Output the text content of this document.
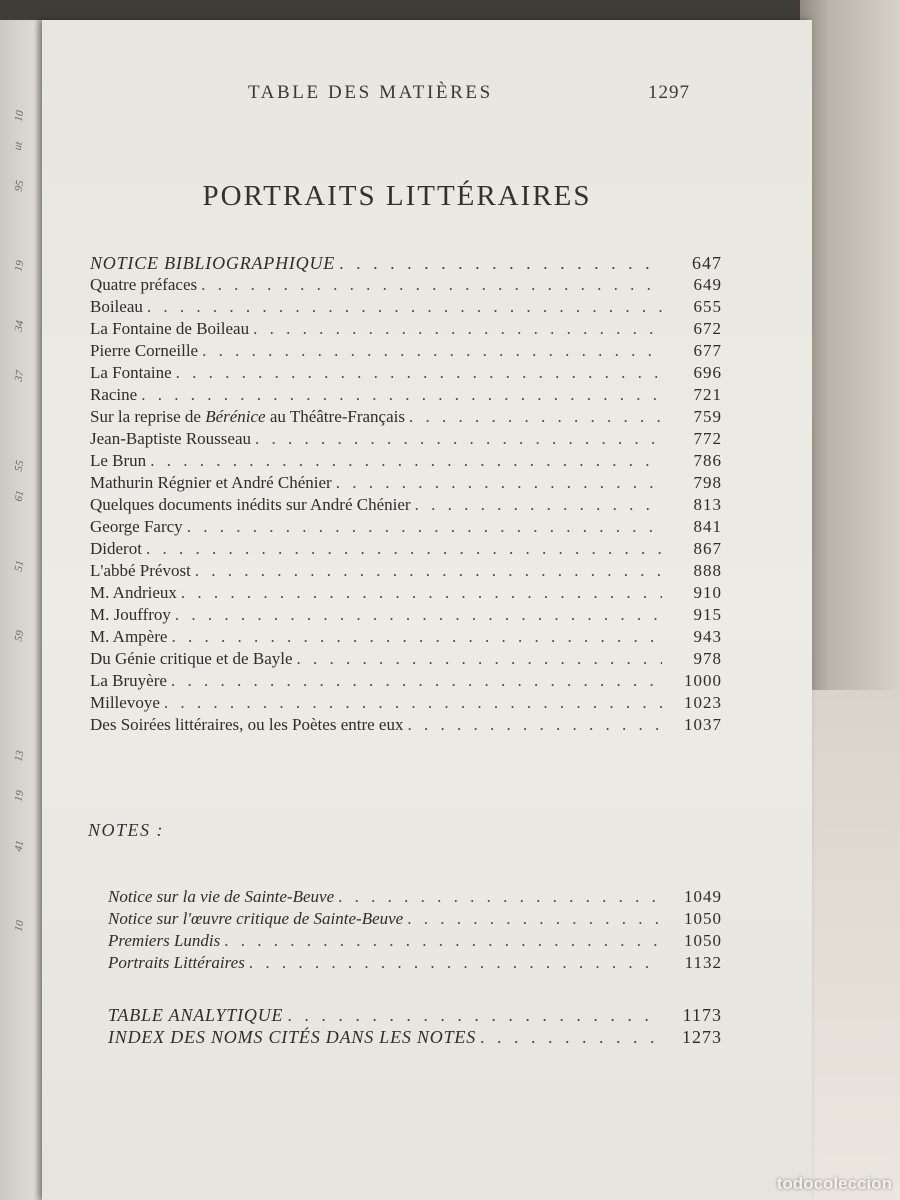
10
ut
95
19
34
37
55
61
51
59
13
19
41
10
TABLE DES MATIÈRES	1297
PORTRAITS LITTÉRAIRES
NOTICE BIBLIOGRAPHIQUE . . .	647
Quatre préfaces . . .	649
Boileau . . .	655
La Fontaine de Boileau . . .	672
Pierre Corneille . . .	677
La Fontaine . . .	696
Racine . . .	721
Sur la reprise de Bérénice au Théâtre-Français . . .	759
Jean-Baptiste Rousseau . . .	772
Le Brun . . .	786
Mathurin Régnier et André Chénier . . .	798
Quelques documents inédits sur André Chénier . . .	813
George Farcy . . .	841
Diderot . . .	867
L'abbé Prévost . . .	888
M. Andrieux . . .	910
M. Jouffroy . . .	915
M. Ampère . . .	943
Du Génie critique et de Bayle . . .	978
La Bruyère . . .	1000
Millevoye . . .	1023
Des Soirées littéraires, ou les Poètes entre eux . . .	1037
NOTES :
Notice sur la vie de Sainte-Beuve . . .	1049
Notice sur l'œuvre critique de Sainte-Beuve . . .	1050
Premiers Lundis . . .	1050
Portraits Littéraires . . .	1132
TABLE ANALYTIQUE . . .	1173
INDEX DES NOMS CITÉS DANS LES NOTES . . .	1273
todocoleccion
